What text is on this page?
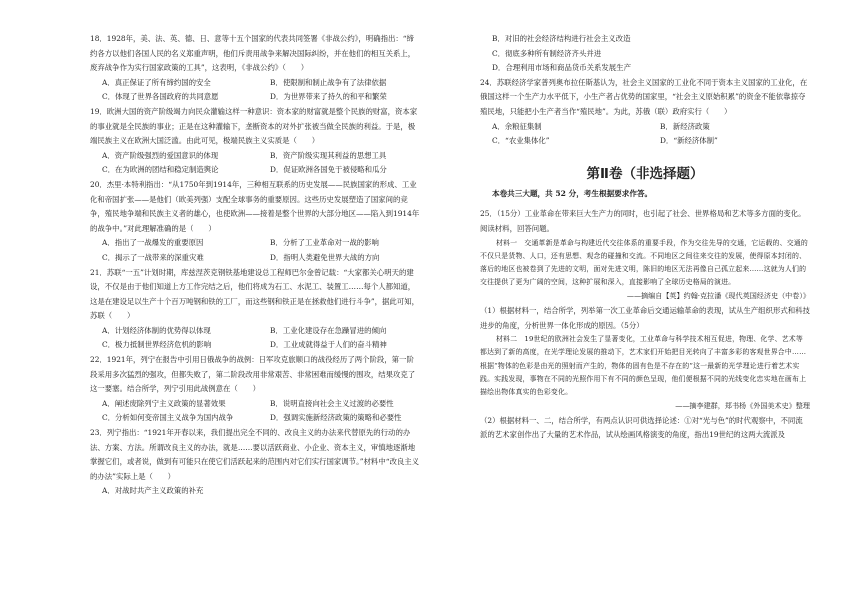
18．1928年，美、法、英、德、日、意等十五个国家的代表共同签署《非战公约》，明确指出：“缔约各方以他们各国人民的名义郑重声明，他们斥责用战争来解决国际纠纷，并在他们的相互关系上，废弃战争作为实行国家政策的工具”，这表明，《非战公约》（　　）

A．真正保证了所有缔约国的安全	B．使限制和制止战争有了法律依据
C．体现了世界各国政府的共同意愿	D．为世界带来了持久的和平和繁荣

19．欧洲大国的资产阶级竭力向民众灌输这样一种意识：资本家的财富就是整个民族的财富，资本家的事业就是全民族的事业；正是在这种灌输下，垄断资本的对外扩张被当做全民族的利益。于是，极端民族主义在欧洲大国泛滥。由此可见，极端民族主义实质是（　　）

A．资产阶级强烈的爱国意识的体现	B．资产阶级实现其利益的思想工具
C．在为欧洲的团结和稳定制造舆论	D．促证欧洲各国免于被侵略和瓜分

20．杰里·本特利指出：“从1750年到1914年，三种相互联系的历史发展——民族国家的形成、工业化和帝国扩张——是他们（欧美列强）支配全球事务的重要原因。这些历史发展塑造了国家间的竞争，殖民地争端和民族主义者的雄心，也使欧洲——接着是整个世界的大部分地区——陷入到1914年的战争中。”对此理解准确的是（　　）

A．指出了一战爆发的重要原因	B．分析了工业革命对一战的影响
C．揭示了一战带来的深重灾难	D．指明人类避免世界大战的方向

21．苏联“一五”计划时期，库兹涅茨克钢铁基地建设总工程师巴尔金曾记载：“大家都关心明天的建设，不仅是由于他们知道上方工作完结之后，他们将成为石工、水泥工、装置工……每个人都知道，这是在建设足以生产十个百万吨钢和铁的工厂，而这些钢和铁正是在拯救他们进行斗争”，据此可知，苏联（　　）

A．计划经济体制的优势得以体现	B．工业化建设存在急躁冒进的倾向
C．极力抵制世界经济危机的影响	D．工业成就得益于人们的奋斗精神

22．1921年，列宁在报告中引用日俄战争的战例：日军攻克旅顺口的战役经历了两个阶段，第一阶段采用多次猛烈的强攻，但都失败了，第二阶段改用非常艰苦、非常困难而缓慢的围攻，结果攻克了这一要塞。结合所学，列宁引用此战例意在（　　）

A．阐述废除列宁主义政策的显著效果	B．说明直接向社会主义过渡的必要性
C．分析如何变帝国主义战争为国内战争	D．强调实施新经济政策的策略和必要性

23．列宁指出：“1921年开春以来，我们提出完全不同的、改良主义的办法来代替原先的行动的办法、方案、方法。所谓改良主义的办法，就是……要以活跃商业、小企业、资本主义，审慎地逐渐地掌握它们，或者说，做到有可能只在使它们活跃起来的范围内对它们实行国家调节。”材料中“改良主义的办法”实际上是（　　）

A．对战时共产主义政策的补充
B．对旧的社会经济结构进行社会主义改造
C．彻底多种所有制经济齐头并进
D．合理利用市场和商品货币关系发展生产

24．苏联经济学家普列奥布拉任斯基认为，社会主义国家的工业化不同于资本主义国家的工业化，在俄国这样一个生产力水平低下，小生产者占优势的国家里，“社会主义原始积累”的资金不能依靠掠夺殖民地，只能把小生产者当作“殖民地”。为此，苏俄（联）政府实行（　　）

A．余粮征集制	B．新经济政策
C．“农业集体化”	D．“新经济体制”
第Ⅱ卷（非选择题）
本卷共三大题，共 52 分，考生根据要求作答。

25．（15分）工业革命在带来巨大生产力的同时，也引起了社会、世界格局和艺术等多方面的变化。阅读材料，回答问题。

材料一　交通革新是革命与构建近代交往体系的重要手段，作为交往先导的交通，它运载的、交通的不仅只是货物、人口，还有思想、观念的碰撞和交流。不同地区之间往来交往的发展，使得原本封闭的、落后的地区也被卷到了先进的文明，面对先进文明，陈旧的地区无法再像自己孤立起来……这就为人们的交往提供了更为广阔的空间，这种扩展和深入，直接影响了全球历史格局的演进。

——摘编自【英】约翰·克拉潘《现代英国经济史（中卷）》

（1）根据材料一，结合所学，列举第一次工业革命后交通运输革命的表现，试从生产组织形式和科技进步的角度，分析世界一体化形成的原因。（5分）

材料二　19世纪的欧洲社会发生了显著变化，工业革命与科学技术相互促进，物理、化学、艺术等都达到了新的高度，在光学理论发展的推动下，艺术家们开始把目光转向了丰富多彩的客观世界合中……根据“物体的色彩是由光的照射而产生的，物体的固有色是不存在的”这一最新的光学理论进行着艺术实践。实践发现，事物在不同的光照作用下有不同的颜色呈现，他们便根据不同的光线变化忠实地在画布上描绘出物体真实的色彩变化。

——摘李建群，郑书杨《外国美术史》整理

（2）根据材料一、二，结合所学，有两点认识可供选择论述：①对“光与色”的时代观察中，不同流派的艺术家创作出了大量的艺术作品，试从绘画风格演变的角度，指出19世纪的这两大流派及
